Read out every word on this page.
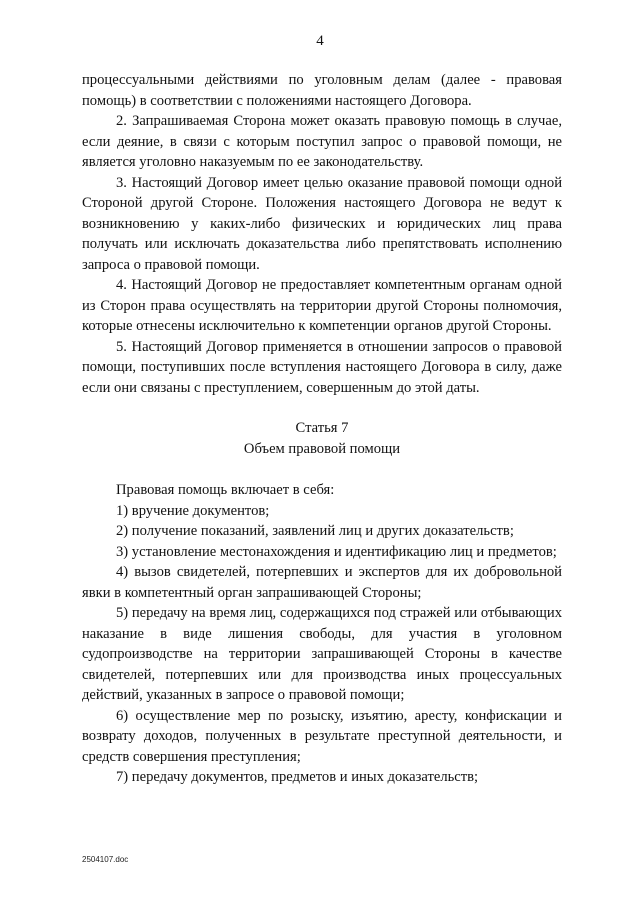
4

процессуальными действиями по уголовным делам (далее - правовая помощь) в соответствии с положениями настоящего Договора.

2. Запрашиваемая Сторона может оказать правовую помощь в случае, если деяние, в связи с которым поступил запрос о правовой помощи, не является уголовно наказуемым по ее законодательству.

3. Настоящий Договор имеет целью оказание правовой помощи одной Стороной другой Стороне. Положения настоящего Договора не ведут к возникновению у каких-либо физических и юридических лиц права получать или исключать доказательства либо препятствовать исполнению запроса о правовой помощи.

4. Настоящий Договор не предоставляет компетентным органам одной из Сторон права осуществлять на территории другой Стороны полномочия, которые отнесены исключительно к компетенции органов другой Стороны.

5. Настоящий Договор применяется в отношении запросов о правовой помощи, поступивших после вступления настоящего Договора в силу, даже если они связаны с преступлением, совершенным до этой даты.

Статья 7
Объем правовой помощи

Правовая помощь включает в себя:

1) вручение документов;

2) получение показаний, заявлений лиц и других доказательств;

3) установление местонахождения и идентификацию лиц и предметов;

4) вызов свидетелей, потерпевших и экспертов для их добровольной явки в компетентный орган запрашивающей Стороны;

5) передачу на время лиц, содержащихся под стражей или отбывающих наказание в виде лишения свободы, для участия в уголовном судопроизводстве на территории запрашивающей Стороны в качестве свидетелей, потерпевших или для производства иных процессуальных действий, указанных в запросе о правовой помощи;

6) осуществление мер по розыску, изъятию, аресту, конфискации и возврату доходов, полученных в результате преступной деятельности, и средств совершения преступления;

7) передачу документов, предметов и иных доказательств;

2504107.doc
